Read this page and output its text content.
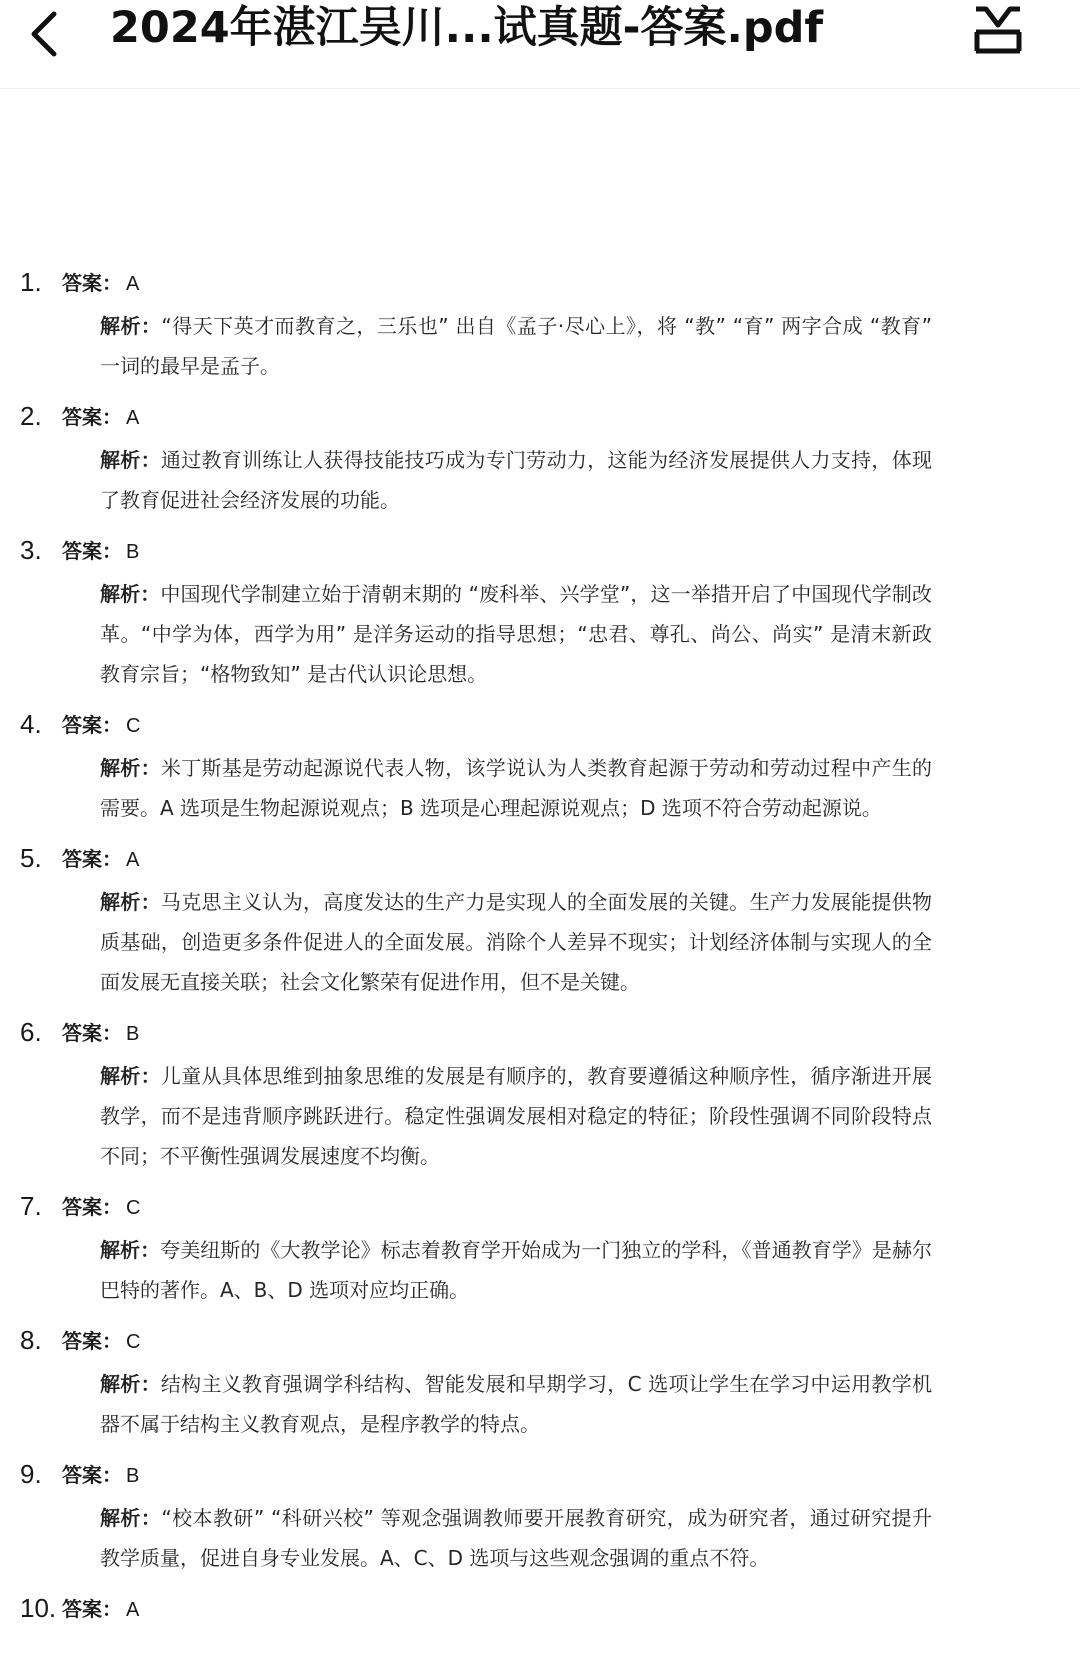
2024年湛江吴川...试真题-答案.pdf
1. 答案： A
解析：“得天下英才而教育之，三乐也” 出自《孟子·尽心上》，将 “教” “育” 两字合成 “教育” 一词的最早是孟子。
2. 答案： A
解析：通过教育训练让人获得技能技巧成为专门劳动力，这能为经济发展提供人力支持，体现了教育促进社会经济发展的功能。
3. 答案： B
解析：中国现代学制建立始于清朝末期的 “废科举、兴学堂”，这一举措开启了中国现代学制改革。“中学为体，西学为用” 是洋务运动的指导思想；“忠君、尊孔、尚公、尚实” 是清末新政教育宗旨；“格物致知” 是古代认识论思想。
4. 答案： C
解析：米丁斯基是劳动起源说代表人物，该学说认为人类教育起源于劳动和劳动过程中产生的需要。A 选项是生物起源说观点；B 选项是心理起源说观点；D 选项不符合劳动起源说。
5. 答案： A
解析：马克思主义认为，高度发达的生产力是实现人的全面发展的关键。生产力发展能提供物质基础，创造更多条件促进人的全面发展。消除个人差异不现实；计划经济体制与实现人的全面发展无直接关联；社会文化繁荣有促进作用，但不是关键。
6. 答案： B
解析：儿童从具体思维到抽象思维的发展是有顺序的，教育要遵循这种顺序性，循序渐进开展教学，而不是违背顺序跳跃进行。稳定性强调发展相对稳定的特征；阶段性强调不同阶段特点不同；不平衡性强调发展速度不均衡。
7. 答案： C
解析：夸美纽斯的《大教学论》标志着教育学开始成为一门独立的学科，《普通教育学》是赫尔巴特的著作。A、B、D 选项对应均正确。
8. 答案： C
解析：结构主义教育强调学科结构、智能发展和早期学习，C 选项让学生在学习中运用教学机器不属于结构主义教育观点，是程序教学的特点。
9. 答案： B
解析：“校本教研” “科研兴校” 等观念强调教师要开展教育研究，成为研究者，通过研究提升教学质量，促进自身专业发展。A、C、D 选项与这些观念强调的重点不符。
10. 答案： A
